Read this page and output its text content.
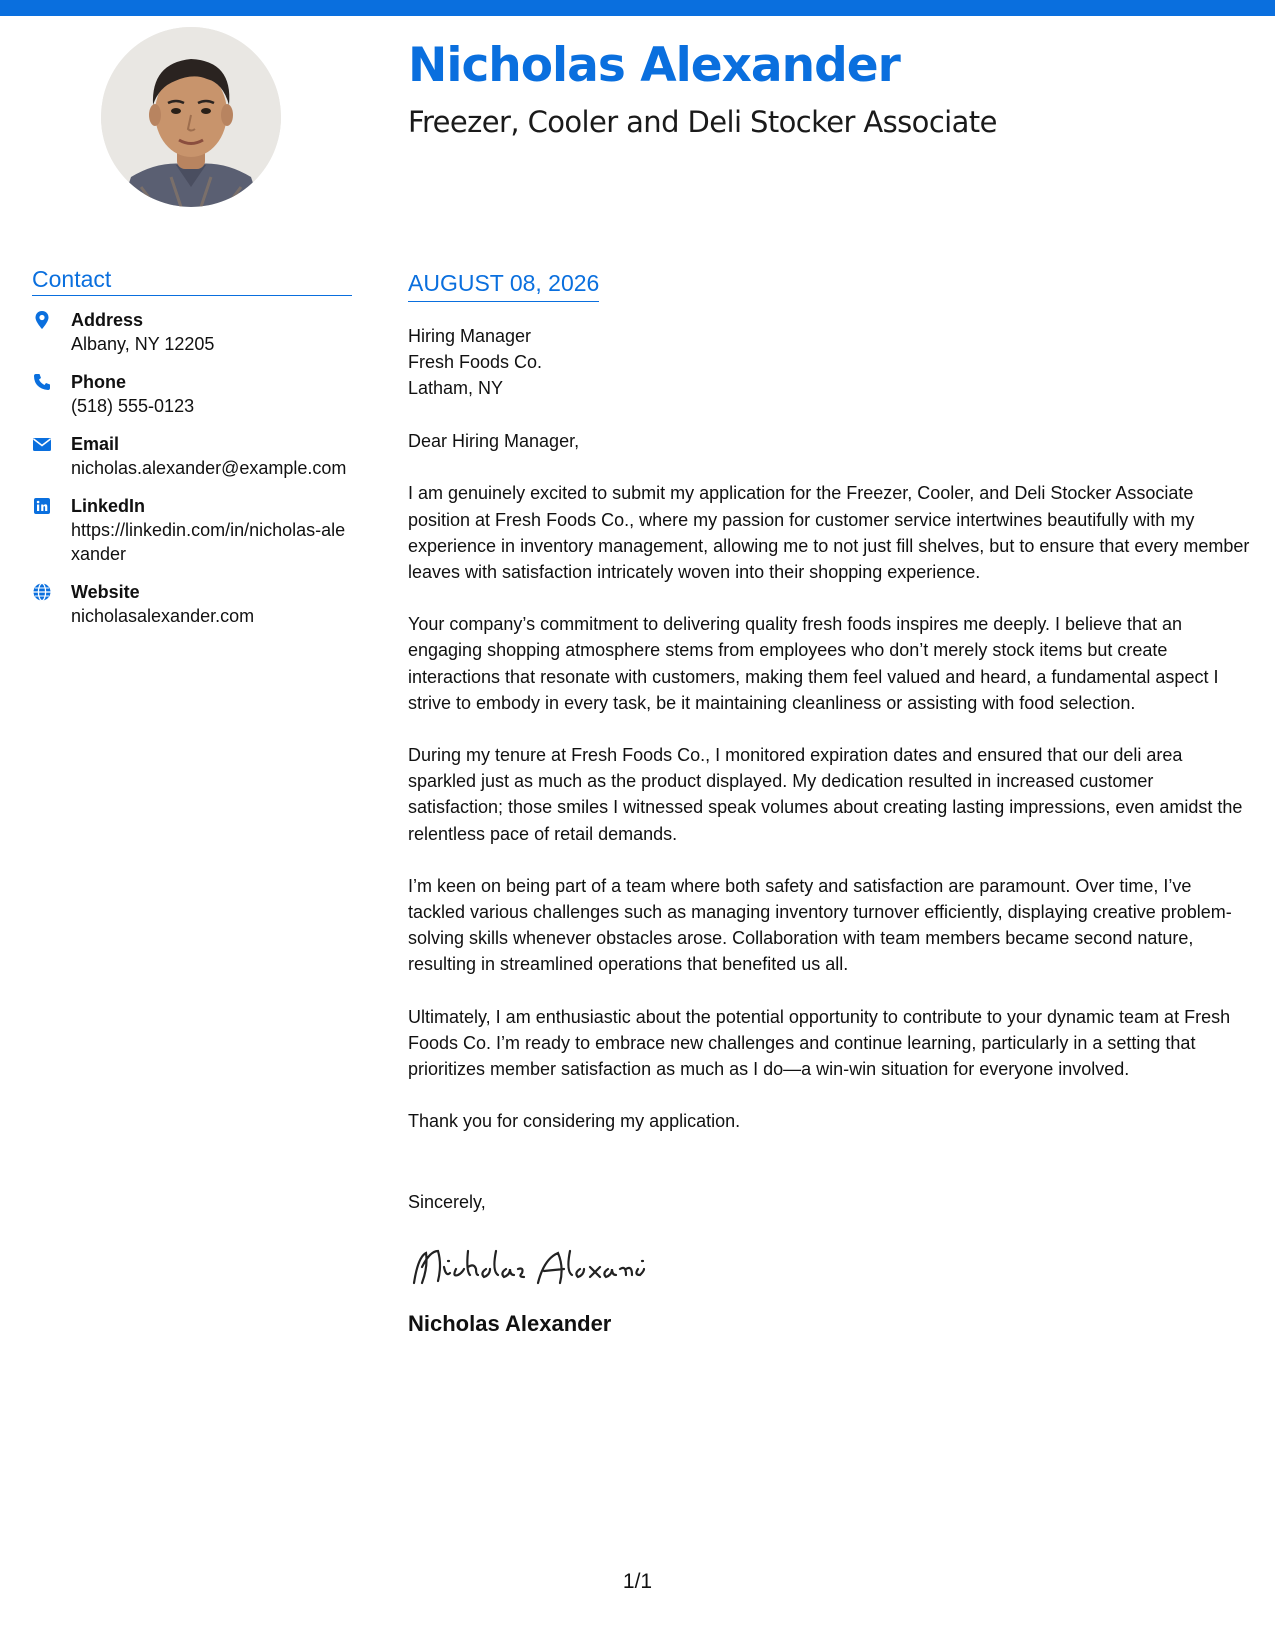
Nicholas Alexander
Freezer, Cooler and Deli Stocker Associate
Contact
Address
Albany, NY 12205
Phone
(518) 555-0123
Email
nicholas.alexander@example.com
LinkedIn
https://linkedin.com/in/nicholas-alexander
Website
nicholasalexander.com
AUGUST 08, 2026
Hiring Manager
Fresh Foods Co.
Latham, NY
Dear Hiring Manager,
I am genuinely excited to submit my application for the Freezer, Cooler, and Deli Stocker Associate position at Fresh Foods Co., where my passion for customer service intertwines beautifully with my experience in inventory management, allowing me to not just fill shelves, but to ensure that every member leaves with satisfaction intricately woven into their shopping experience.
Your company’s commitment to delivering quality fresh foods inspires me deeply. I believe that an engaging shopping atmosphere stems from employees who don’t merely stock items but create interactions that resonate with customers, making them feel valued and heard, a fundamental aspect I strive to embody in every task, be it maintaining cleanliness or assisting with food selection.
During my tenure at Fresh Foods Co., I monitored expiration dates and ensured that our deli area sparkled just as much as the product displayed. My dedication resulted in increased customer satisfaction; those smiles I witnessed speak volumes about creating lasting impressions, even amidst the relentless pace of retail demands.
I’m keen on being part of a team where both safety and satisfaction are paramount. Over time, I’ve tackled various challenges such as managing inventory turnover efficiently, displaying creative problem-solving skills whenever obstacles arose. Collaboration with team members became second nature, resulting in streamlined operations that benefited us all.
Ultimately, I am enthusiastic about the potential opportunity to contribute to your dynamic team at Fresh Foods Co. I’m ready to embrace new challenges and continue learning, particularly in a setting that prioritizes member satisfaction as much as I do—a win-win situation for everyone involved.
Thank you for considering my application.
Sincerely,
Nicholas Alexander
1/1
